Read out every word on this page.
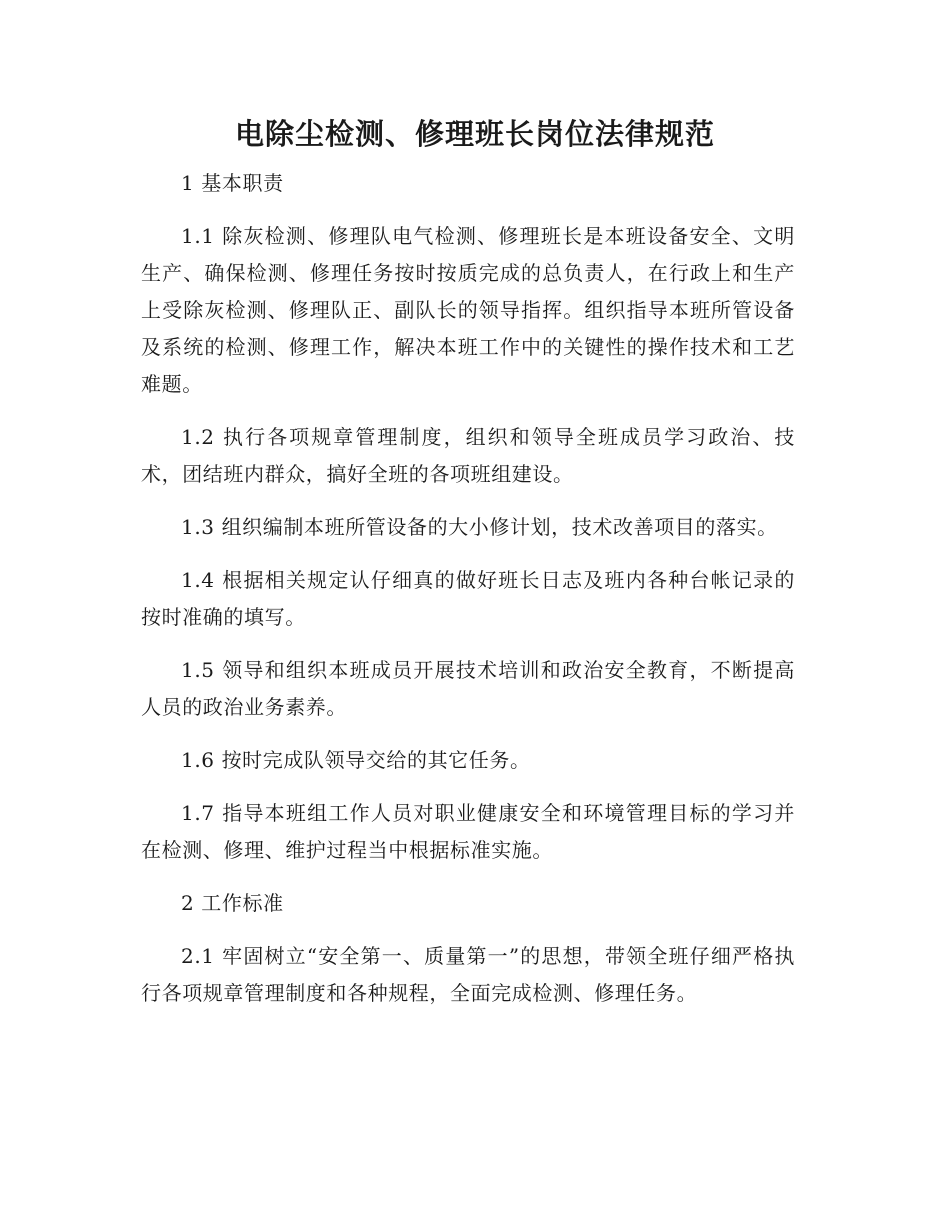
电除尘检测、修理班长岗位法律规范

1 基本职责

1.1 除灰检测、修理队电气检测、修理班长是本班设备安全、文明生产、确保检测、修理任务按时按质完成的总负责人，在行政上和生产上受除灰检测、修理队正、副队长的领导指挥。组织指导本班所管设备及系统的检测、修理工作，解决本班工作中的关键性的操作技术和工艺难题。

1.2 执行各项规章管理制度，组织和领导全班成员学习政治、技术，团结班内群众，搞好全班的各项班组建设。

1.3 组织编制本班所管设备的大小修计划，技术改善项目的落实。

1.4 根据相关规定认仔细真的做好班长日志及班内各种台帐记录的按时准确的填写。

1.5 领导和组织本班成员开展技术培训和政治安全教育，不断提高人员的政治业务素养。

1.6 按时完成队领导交给的其它任务。

1.7 指导本班组工作人员对职业健康安全和环境管理目标的学习并在检测、修理、维护过程当中根据标准实施。

2 工作标准

2.1 牢固树立“安全第一、质量第一”的思想，带领全班仔细严格执行各项规章管理制度和各种规程，全面完成检测、修理任务。
